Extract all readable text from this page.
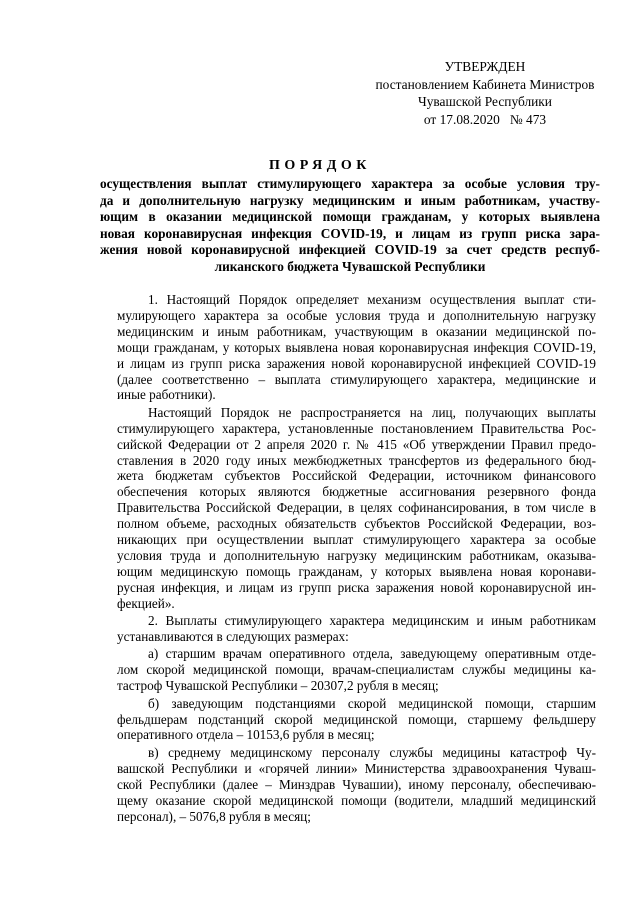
УТВЕРЖДЕН
постановлением Кабинета Министров
Чувашской Республики
от 17.08.2020   № 473
ПОРЯДОК
осуществления выплат стимулирующего характера за особые условия тру-
да и дополнительную нагрузку медицинским и иным работникам, участву-
ющим в оказании медицинской помощи гражданам, у которых выявлена
новая коронавирусная инфекция COVID-19, и лицам из групп риска зара-
жения новой коронавирусной инфекцией COVID-19 за счет средств респуб-
ликанского бюджета Чувашской Республики
1. Настоящий Порядок определяет механизм осуществления выплат сти-
мулирующего характера за особые условия труда и дополнительную нагрузку
медицинским и иным работникам, участвующим в оказании медицинской по-
мощи гражданам, у которых выявлена новая коронавирусная инфекция COVID-19,
и лицам из групп риска заражения новой коронавирусной инфекцией COVID-19
(далее соответственно – выплата стимулирующего характера, медицинские и
иные работники).
Настоящий Порядок не распространяется на лиц, получающих выплаты
стимулирующего характера, установленные постановлением Правительства Рос-
сийской Федерации от 2 апреля 2020 г. № 415 «Об утверждении Правил предо-
ставления в 2020 году иных межбюджетных трансфертов из федерального бюд-
жета бюджетам субъектов Российской Федерации, источником финансового
обеспечения которых являются бюджетные ассигнования резервного фонда
Правительства Российской Федерации, в целях софинансирования, в том числе в
полном объеме, расходных обязательств субъектов Российской Федерации, воз-
никающих при осуществлении выплат стимулирующего характера за особые
условия труда и дополнительную нагрузку медицинским работникам, оказыва-
ющим медицинскую помощь гражданам, у которых выявлена новая коронави-
русная инфекция, и лицам из групп риска заражения новой коронавирусной ин-
фекцией».
2. Выплаты стимулирующего характера медицинским и иным работникам
устанавливаются в следующих размерах:
а) старшим врачам оперативного отдела, заведующему оперативным отде-
лом скорой медицинской помощи, врачам-специалистам службы медицины ка-
тастроф Чувашской Республики – 20307,2 рубля в месяц;
б) заведующим подстанциями скорой медицинской помощи, старшим
фельдшерам подстанций скорой медицинской помощи, старшему фельдшеру
оперативного отдела – 10153,6 рубля в месяц;
в) среднему медицинскому персоналу службы медицины катастроф Чу-
вашской Республики и «горячей линии» Министерства здравоохранения Чуваш-
ской Республики (далее – Минздрав Чувашии), иному персоналу, обеспечиваю-
щему оказание скорой медицинской помощи (водители, младший медицинский
персонал), – 5076,8 рубля в месяц;
